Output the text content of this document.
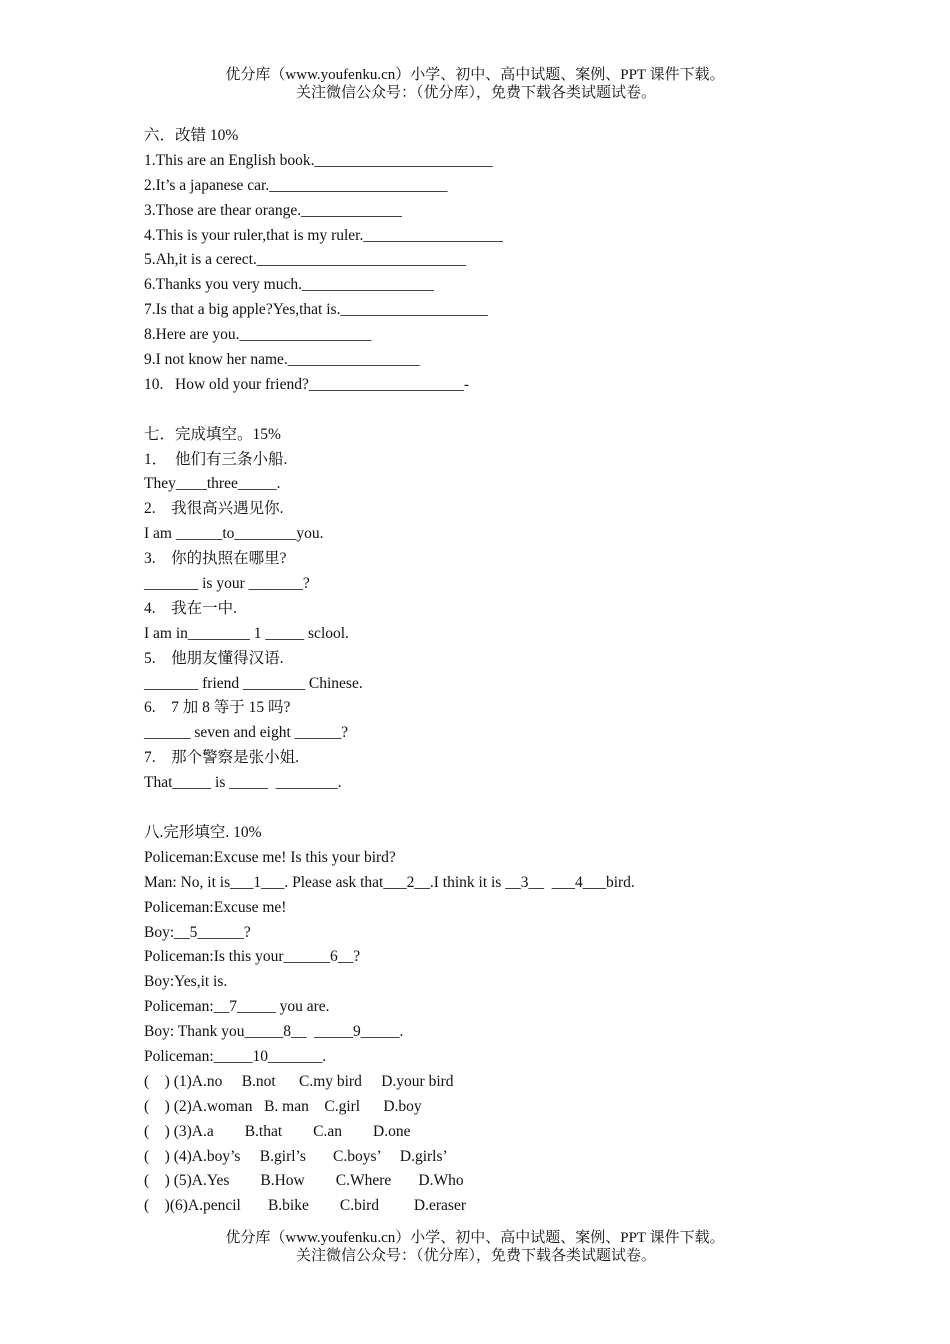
优分库（www.youfenku.cn）小学、初中、高中试题、案例、PPT 课件下载。
关注微信公众号：（优分库），免费下载各类试题试卷。
六．改错 10%
1.This are an English book._______________________
2.It’s a japanese car._______________________
3.Those are thear orange._____________
4.This is your ruler,that is my ruler.__________________
5.Ah,it is a cerect.___________________________
6.Thanks you very much._________________
7.Is that a big apple?Yes,that is.___________________
8.Here are you._________________
9.I not know her name._________________
10.   How old your friend?____________________-
七．完成填空。15%
1．  他们有三条小船.
They____three_____.
2.    我很高兴遇见你.
I am ______to________you.
3.    你的执照在哪里?
_______ is your _______?
4.    我在一中.
I am in________ 1 _____ sclool.
5.    他朋友懂得汉语.
_______ friend ________ Chinese.
6.    7 加 8 等于 15 吗?
______ seven and eight ______?
7.    那个警察是张小姐.
That_____ is _____  ________.
八.完形填空. 10%
Policeman:Excuse me! Is this your bird?
Man: No, it is___1___. Please ask that___2__.I think it is __3__  ___4___bird.
Policeman:Excuse me!
Boy:__5______?
Policeman:Is this your______6__?
Boy:Yes,it is.
Policeman:__7_____ you are.
Boy: Thank you_____8__  _____9_____.
Policeman:_____10_______.
(    ) (1)A.no     B.not      C.my bird     D.your bird
(    ) (2)A.woman   B. man    C.girl      D.boy
(    ) (3)A.a        B.that        C.an        D.one
(    ) (4)A.boy’s     B.girl’s       C.boys’     D.girls’
(    ) (5)A.Yes        B.How        C.Where       D.Who
(    )(6)A.pencil       B.bike        C.bird         D.eraser
优分库（www.youfenku.cn）小学、初中、高中试题、案例、PPT 课件下载。
关注微信公众号：（优分库），免费下载各类试题试卷。
